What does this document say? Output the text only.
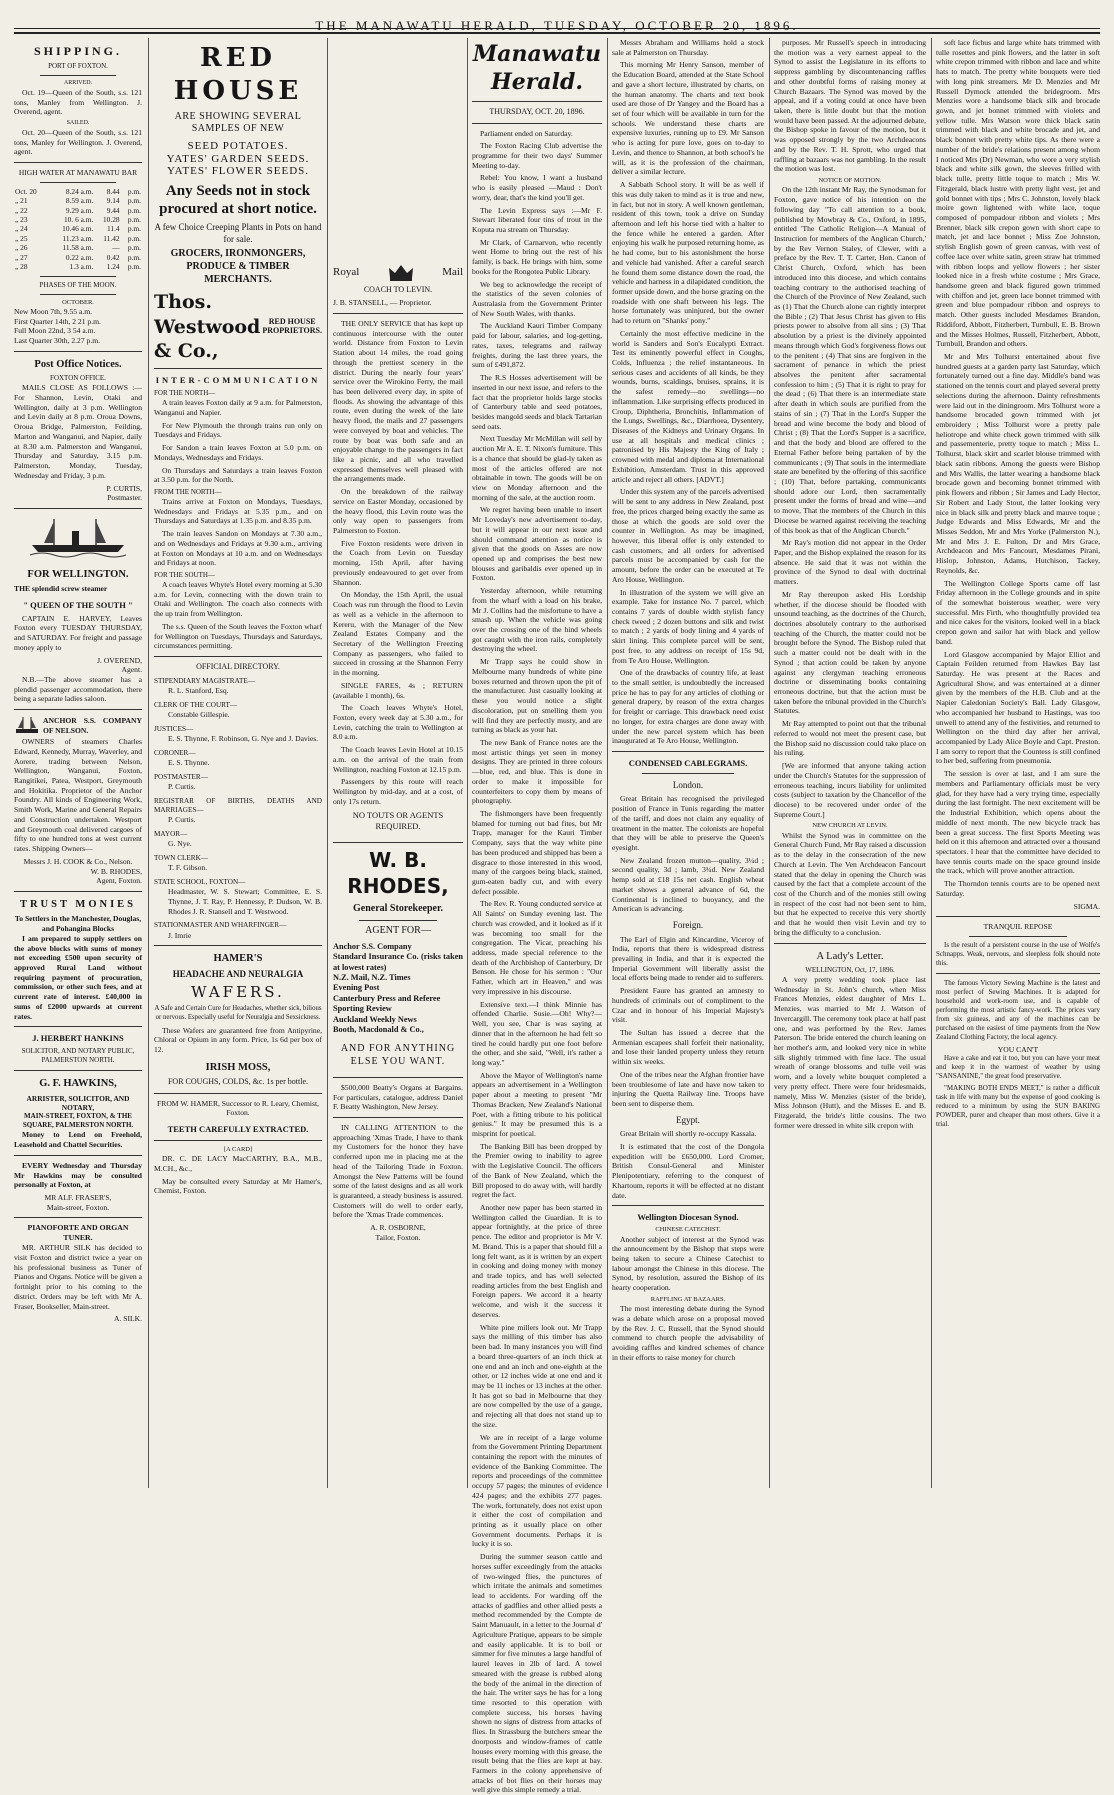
THE MANAWATU HERALD, TUESDAY, OCTOBER 20, 1896.
SHIPPING.
PORT OF FOXTON.
ARRIVED.

Oct. 19—Queen of the South, s.s. 121 tons, Manley from Wellington. J. Overend, agent.

SAILED.

Oct. 20—Queen of the South, s.s. 121 tons, Manley for Wellington. J. Overend, agent.

HIGH WATER AT MANAWATU BAR
Oct. 20	8.24 a.m.	8.44	p.m.
„ 21	8.59 a.m.	9.14	p.m.
„ 22	9.29 a.m.	9.44	p.m.
„ 23	10. 6 a.m.	10.28	p.m.
„ 24	10.46 a.m.	11.4	p.m.
„ 25	11.23 a.m.	11.42	p.m.
„ 26	11.58 a.m.	—	p.m.
„ 27	0.22 a.m.	0.42	p.m.
„ 28	1.3 a.m.	1.24	p.m.
PHASES OF THE MOON.
OCTOBER.
New Moon 7th, 9.55 a.m.
First Quarter 14th, 2 21 p.m.
Full Moon 22nd, 3 54 a.m.
Last Quarter 30th, 2.27 p.m.
Post Office Notices.
FOXTON OFFICE.

MAILS CLOSE AS FOLLOWS :— For Shannon, Levin, Otaki and Wellington, daily at 3 p.m. Wellington and Levin daily at 8 p.m. Oroua Downs, Oroua Bridge, Palmerston, Feilding, Marton and Wanganui, and Napier, daily at 8.30 a.m. Palmerston and Wanganui, Thursday and Saturday, 3.15 p.m. Palmerston, Monday, Tuesday, Wednesday and Friday, 3 p.m.

P. CURTIS,
Postmaster.
FOR WELLINGTON.
THE splendid screw steamer
" QUEEN OF THE SOUTH "

CAPTAIN E. HARVEY, Leaves Foxton every TUESDAY THURSDAY, and SATURDAY. For freight and passage money apply to

J. OVEREND,
Agent.

N.B.—The above steamer has a plendid passenger accommodation, there being a separate ladies saloon.

ANCHOR S.S. COMPANY OF NELSON.

OWNERS of steamers Charles Edward, Kennedy, Murray, Waverley, and Aorere, trading between Nelson, Wellington, Wanganui, Foxton, Rangitikei, Patea, Westport, Greymouth and Hokitika. Proprietor of the Anchor Foundry. All kinds of Engineering Work, Smith Work, Marine and General Repairs and Construction undertaken. Westport and Greymouth coal delivered cargoes of fifty to one hundred tons at west current rates. Shipping Owners—

Messrs J. H. COOK & Co., Nelson.
W. B. RHODES,
Agent, Foxton.
TRUST MONIES
To Settlers in the Manchester, Douglas, and Pohangina Blocks

I am prepared to supply settlers on the above blocks with sums of money not exceeding £500 upon security of approved Rural Land without requiring payment of procuration, commission, or other such fees, and at current rate of interest. £40,000 in sums of £2000 upwards at current rates.

J. HERBERT HANKINS
SOLICITOR, AND NOTARY PUBLIC,
PALMERSTON NORTH.
G. F. HAWKINS,
ARRISTER, SOLICITOR, AND NOTARY,
MAIN-STREET, FOXTON, & THE SQUARE, PALMERSTON NORTH.

Money to Lend on Freehold, Leasehold and Chattel Securities.

EVERY Wednesday and Thursday Mr Hawkins may be consulted personally at Foxton, at

MR ALF. FRASER'S,
Main-street, Foxton.
PIANOFORTE AND ORGAN TUNER.

MR. ARTHUR SILK has decided to visit Foxton and district twice a year on his professional business as Tuner of Pianos and Organs. Notice will be given a fortnight prior to his coming to the district. Orders may be left with Mr A. Fraser, Bookseller, Main-street.

A. SILK.
RED HOUSE
ARE SHOWING SEVERAL SAMPLES OF NEW
SEED POTATOES.
YATES' GARDEN SEEDS.
YATES' FLOWER SEEDS.
Any Seeds not in stock procured at short notice.
A few Choice Creeping Plants in Pots on hand for sale.
GROCERS, IRONMONGERS, PRODUCE & TIMBER MERCHANTS.
Thos. Westwood & Co.,
RED HOUSE
PROPRIETORS.
INTER-COMMUNICATION
FOR THE NORTH—

A train leaves Foxton daily at 9 a.m. for Palmerston, Wanganui and Napier.

For New Plymouth the through trains run only on Tuesdays and Fridays.

For Sandon a train leaves Foxton at 5.0 p.m. on Mondays, Wednesdays and Fridays.

On Thursdays and Saturdays a train leaves Foxton at 3.50 p.m. for the North.

FROM THE NORTH—

Trains arrive at Foxton on Mondays, Tuesdays, Wednesdays and Fridays at 5.35 p.m., and on Thursdays and Saturdays at 1.35 p.m. and 8.35 p.m.

The train leaves Sandon on Mondays at 7.30 a.m., and on Wednesdays and Fridays at 9.30 a.m., arriving at Foxton on Mondays at 10 a.m. and on Wednesdays and Fridays at noon.

FOR THE SOUTH—

A coach leaves Whyte's Hotel every morning at 5.30 a.m. for Levin, connecting with the down train to Otaki and Wellington. The coach also connects with the up train from Wellington.

The s.s. Queen of the South leaves the Foxton wharf for Wellington on Tuesdays, Thursdays and Saturdays, circumstances permitting.

OFFICIAL DIRECTORY.
STIPENDIARY MAGISTRATE—
R. L. Stanford, Esq.
CLERK OF THE COURT—
Constable Gillespie.
JUSTICES—
E. S. Thynne, F. Robinson, G. Nye and J. Davies.
CORONER—
E. S. Thynne.
POSTMASTER—
P. Curtis.
REGISTRAR OF BIRTHS, DEATHS AND MARRIAGES—
P. Curtis.
MAYOR—
G. Nye.
TOWN CLERK—
T. F. Gibson.
STATE SCHOOL, FOXTON—
Headmaster, W. S. Stewart; Committee, E. S. Thynne, J. T. Ray, P. Hennessy, P. Dudson, W. B. Rhodes J. R. Stansell and T. Westwood.
STATIONMASTER AND WHARFINGER—
J. Imrie
HAMER'S
HEADACHE AND NEURALGIA
WAFERS.

A Safe and Certain Cure for Headaches, whether sick, bilious or nervous. Especially useful for Neuralgia and Sexsickness.

These Wafers are guaranteed free from Antipyrine, Chloral or Opium in any form. Price, 1s 6d per box of 12.

IRISH MOSS,
FOR COUGHS, COLDS, &c. 1s per bottle.
FROM W. HAMER, Successor to R. Leary, Chemist, Foxton.
TEETH CAREFULLY EXTRACTED.
[A CARD]

DR. C. DE LACY MacCARTHY, B.A., M.B., M.CH., &c.,

May be consulted every Saturday at Mr Hamer's, Chemist, Foxton.

Royal	Mail
COACH TO LEVIN.
J. B. STANSELL, — Proprietor.

THE ONLY SERVICE that has kept up continuous intercourse with the outer world. Distance from Foxton to Levin Station about 14 miles, the road going through the prettiest scenery in the district. During the nearly four years' service over the Wirokino Ferry, the mail has been delivered every day, in spite of floods. As showing the advantage of this route, even during the week of the late heavy flood, the mails and 27 passengers were conveyed by boat and vehicles. The route by boat was both safe and an enjoyable change to the passengers in fact like a picnic, and all who travelled expressed themselves well pleased with the arrangements made.

On the breakdown of the railway service on Easter Monday, occasioned by the heavy flood, this Levin route was the only way open to passengers from Palmerston to Foxton.

Five Foxton residents were driven in the Coach from Levin on Tuesday morning, 15th April, after having previously endeavoured to get over from Shannon.

On Monday, the 15th April, the usual Coach was run through the flood to Levin as well as a vehicle in the afternoon to Kereru, with the Manager of the New Zealand Estates Company and the Secretary of the Wellington Freezing Company as passengers, who failed to succeed in crossing at the Shannon Ferry in the morning.

SINGLE FARES, 4s ; RETURN (available 1 month), 6s.

The Coach leaves Whyte's Hotel, Foxton, every week day at 5.30 a.m., for Levin, catching the train to Wellington at 8.0 a.m.

The Coach leaves Levin Hotel at 10.15 a.m. on the arrival of the train from Wellington, reaching Foxton at 12.15 p.m.

Passengers by this route will reach Wellington by mid-day, and at a cost, of only 17s return.

NO TOUTS OR AGENTS REQUIRED.
W. B. RHODES,
General Storekeeper.
AGENT FOR—
Anchor S.S. Company
Standard Insurance Co. (risks taken at lowest rates)
N.Z. Mail, N.Z. Times
Evening Post
Canterbury Press and Referee
Sporting Review
Auckland Weekly News
Booth, Macdonald & Co.,
AND FOR ANYTHING ELSE YOU WANT.

$500,000 Beatty's Organs at Bargains. For particulars, catalogue, address Daniel F. Beatty Washington, New Jersey.

IN CALLING ATTENTION to the approaching 'Xmas Trade, I have to thank my Customers for the honor they have conferred upon me in placing me at the head of the Tailoring Trade in Foxton. Amongst the New Patterns will be found some of the latest designs and as all work is guaranteed, a steady business is assured. Customers will do well to order early, before the 'Xmas Trade commences.

A. R. OSBORNE,
Tailor, Foxton.
Manawatu Herald.
THURSDAY, OCT. 20, 1896.

Parliament ended on Saturday.

The Foxton Racing Club advertise the programme for their two days' Summer Meeting to-day.

Rebel: You know, I want a husband who is easily pleased —Maud : Don't worry, dear, that's the kind you'll get.

The Levin Express says :—Mr F. Stewart liberated four tins of trout in the Koputa rua stream on Thursday.

Mr Clark, of Carnarvon, who recently went Home to bring out the rest of his family, is back. He brings with him, some books for the Rongotea Public Library.

We beg to acknowledge the receipt of the statistics of the seven colonies of Australasia from the Government Printer of New South Wales, with thanks.

The Auckland Kauri Timber Company paid for labour, salaries, and log-getting, rates, taxes, telegrams and railway freights, during the last three years, the sum of £491,872.

The R.S Hosses advertisement will be inserted in our next issue, and refers to the fact that the proprietor holds large stocks of Canterbury table and seed potatoes, besides mangold seeds and black Tartarian seed oats.

Next Tuesday Mr McMillan will sell by auction Mr A. E. T. Nixon's furniture. This is a chance that should be glad-ly taken as most of the articles offered are not obtainable in town. The goods will be on view on Monday afternoon and the morning of the sale, at the auction room.

We regret having been unable to insert Mr Loveday's new advertisement to-day, but it will appear in our next issue and should command attention as notice is given that the goods on Asses are now opened up and comprises the best new blouses and garibaldis ever opened up in Foxton.

Yesterday afternoon, while returning from the wharf with a load on his brake, Mr J. Collins had the misfortune to have a smash up. When the vehicle was going over the crossing one of the hind wheels got caught with the iron rails, completely destroying the wheel.

Mr Trapp says he could show in Melbourne many hundreds of white pine boxes returned and thrown upon the pit of the manufacturer. Just casually looking at these you would notice a slight discoloration, put on smelling them you will find they are perfectly musty, and are turning as black as your hat.

The new Bank of France notes are the most artistic things yet seen in money designs. They are printed in three colours —blue, red, and blue. This is done in order to make it impossible for counterfeiters to copy them by means of photography.

The fishmongers have been frequently blamed for turning out bad fites, but Mr Trapp, manager for the Kauri Timber Company, says that the way white pine has been produced and shipped has been a disgrace to those interested in this wood, many of the cargoes being black, stained, gum-eaten badly cut, and with every defect possible.

The Rev. R. Young conducted service at All Saints' on Sunday evening last. The church was crowded, and it looked as if it was becoming too small for the congregation. The Vicar, preaching his address, made special reference to the death of the Archbishop of Canterbury, Dr Benson. He chose for his sermon : "Our Father, which art in Heaven," and was very impressive in his discourse.

Extensive text.—I think Minnie has offended Charlie. Susie.—Oh! Why?—Well, you see, Char is was saying at dinner that in the afternoon he had felt so tired he could hardly put one foot before the other, and she said, "Well, it's rather a long way."

Above the Mayor of Wellington's name appears an advertisement in a Wellington paper about a meeting to present "Mr Thomas Bracken, New Zealand's National Poet, with a fitting tribute to his political genius." It may be presumed this is a misprint for poetical.

The Banking Bill has been dropped by the Premier owing to inability to agree with the Legislative Council. The officers of the Bank of New Zealand, which the Bill proposed to do away with, will hardly regret the fact.

Another new paper has been started in Wellington called the Guardian. It is to appear fortnightly, at the price of three pence. The editor and proprietor is Mr V. M. Brand. This is a paper that should fill a long felt want, as it is written by an expert in cooking and doing money with money and trade topics, and has well selected reading articles from the best English and Foreign papers. We accord it a hearty welcome, and wish it the success it deserves.

White pine millers look out. Mr Trapp says the milling of this timber has also been bad. In many instances you will find a board three-quarters of an inch thick at one end and an inch and one-eighth at the other, or 12 inches wide at one end and it may be 11 inches or 13 inches at the other. It has got so bad in Melbourne that they are now compelled by the use of a gauge, and rejecting all that does not stand up to the size.

We are in receipt of a large volume from the Government Printing Department containing the report with the minutes of evidence of the Banking Committee. The reports and proceedings of the committee occupy 57 pages; the minutes of evidence 424 pages; and the exhibits 277 pages. The work, fortunately, does not exist upon it either the cost of compilation and printing as it usually place on other Government documents. Perhaps it is lucky it is so.

During the summer season cattle and horses suffer exceedingly from the attacks of two-winged flies, the punctures of which irritate the animals and sometimes lead to accidents. For warding off the attacks of gadflies and other allied pests a method recommended by the Compte de Saint Manuault, in a letter to the Journal d' Agriculture Pratique, appears to be simple and easily applicable. It is to boil or simmer for five minutes a large handful of laurel leaves in 2lb of lard. A towel smeared with the grease is rubbed along the body of the animal in the direction of the hair. The writer says he has for a long time resorted to this operation with complete success, his horses having shown no signs of distress from attacks of flies. In Strassburg the butchers smear the doorposts and window-frames of cattle houses every morning with this grease, the result being that the flies are kept at bay. Farmers in the colony apprehensive of attacks of bot flies on their horses may well give this simple remedy a trial.

Messrs Abraham and Williams hold a stock sale at Palmerston on Thursday.

This morning Mr Henry Sanson, member of the Education Board, attended at the State School and gave a short lecture, illustrated by charts, on the human anatomy. The charts and text book used are those of Dr Yangey and the Board has a set of four which will be available in turn for the schools. We understand these charts are expensive luxuries, running up to £9. Mr Sanson who is acting for pure love, goes on to-day to Levin, and thence to Shannon, at both school's he will, as it is the profession of the chairman, deliver a similar lecture.

A Sabbath School story. It will be as well if this was duly taken to mind as it is true and new, in fact, but not in story. A well known gentleman, resident of this town, took a drive on Sunday afternoon and left his horse tied with a halter to the fence while he entered a garden. After enjoying his walk he purposed returning home, as he had come, but to his astonishment the horse and vehicle had vanished. After a careful search he found them some distance down the road, the vehicle and harness in a dilapidated condition, the former upside down, and the horse grazing on the roadside with one shaft between his legs. The horse fortunately was uninjured, but the owner had to return on "Shanks' pony."

Certainly the most effective medicine in the world is Sanders and Son's Eucalypti Extract. Test its eminently powerful effect in Coughs, Colds, Influenza ; the relief instantaneous. In serious cases and accidents of all kinds, be they wounds, burns, scaldings, bruises, sprains, it is the safest remedy—no swellings—no inflammation. Like surprising effects produced in Croup, Diphtheria, Bronchitis, Inflammation of the Lungs, Swellings, &c., Diarrhoea, Dysentery, Diseases of the Kidneys and Urinary Organs. In use at all hospitals and medical clinics ; patronised by His Majesty the King of Italy ; crowned with medal and diploma at International Exhibition, Amsterdam. Trust in this approved article and reject all others. [ADVT.]

Under this system any of the parcels advertised will be sent to any address in New Zealand, post free, the prices charged being exactly the same as those at which the goods are sold over the counter in Wellington. As may be imagined, however, this liberal offer is only extended to cash customers, and all orders for advertised parcels must be accompanied by cash for the amount, before the order can be executed at Te Aro House, Wellington.

In illustration of the system we will give an example. Take for instance No. 7 parcel, which contains 7 yards of double width stylish fancy check tweed ; 2 dozen buttons and silk and twist to match ; 2 yards of body lining and 4 yards of skirt lining. This complete parcel will be sent, post free, to any address on receipt of 15s 9d, from Te Aro House, Wellington.

One of the drawbacks of country life, at least to the small settler, is undoubtedly the increased price he has to pay for any articles of clothing or general drapery, by reason of the extra charges for freight or carriage. This drawback need exist no longer, for extra charges are done away with under the new parcel system which has been inaugurated at Te Aro House, Wellington.

CONDENSED CABLEGRAMS.
London.

Great Britain has recognised the privileged position of France in Tunis regarding the matter of the tariff, and does not claim any equality of treatment in the matter. The colonists are hopeful that they will be able to preserve the Queen's eyesight.

New Zealand frozen mutton—quality, 3¼d ; second quality, 3d ; lamb, 3¾d. New Zealand hemp sold at £18 15s net cash. English wheat market shows a general advance of 6d, the Continental is inclined to buoyancy, and the American is advancing.

Foreign.

The Earl of Elgin and Kincardine, Viceroy of India, reports that there is widespread distress prevailing in India, and that it is expected the Imperial Government will liberally assist the local efforts being made to render aid to sufferers.

President Faure has granted an amnesty to hundreds of criminals out of compliment to the Czar and in honour of his Imperial Majesty's visit.

The Sultan has issued a decree that the Armenian escapees shall forfeit their nationality, and lose their landed property unless they return within six weeks.

One of the tribes near the Afghan frontier have been troublesome of late and have now taken to injuring the Quetta Railway line. Troops have been sent to disperse them.

Egypt.

Great Britain will shortly re-occupy Kassala.

It is estimated that the cost of the Dongola expedition will be £650,000. Lord Cromer, British Consul-General and Minister Plenipotentiary, referring to the conquest of Khartoum, reports it will be effected at no distant date.

Wellington Diocesan Synod.
CHINESE CATECHIST.

Another subject of interest at the Synod was the announcement by the Bishop that steps were being taken to secure a Chinese Catechist to labour amongst the Chinese in this diocese. The Synod, by resolution, assured the Bishop of its hearty cooperation.

RAFFLING AT BAZAARS.

The most interesting debate during the Synod was a debate which arose on a proposal moved by the Rev. J. C. Russell, that the Synod should commend to church people the advisability of avoiding raffles and kindred schemes of chance in their efforts to raise money for church

purposes. Mr Russell's speech in introducing the motion was a very earnest appeal to the Synod to assist the Legislature in its efforts to suppress gambling by discountenancing raffles and other doubtful forms of raising money at Church Bazaars. The Synod was moved by the appeal, and if a voting could at once have been taken, there is little doubt but that the motion would have been passed. At the adjourned debate, the Bishop spoke in favour of the motion, but it was opposed strongly by the two Archdeacons and by the Rev. T. H. Sprott, who urged that raffling at bazaars was not gambling. In the result the motion was lost.

NOTICE OF MOTION.

On the 12th instant Mr Ray, the Synodsman for Foxton, gave notice of his intention on the following day "To call attention to a book, published by Mowbray & Co., Oxford, in 1895, entitled 'The Catholic Religion—A Manual of Instruction for members of the Anglican Church,' by the Rev Vernon Staley, of Clewer, with a preface by the Rev. T. T. Carter, Hon. Canon of Christ Church, Oxford, which has been introduced into this diocese, and which contains teaching contrary to the authorised teaching of the Church of the Province of New Zealand, such as (1) That the Church alone can rightly interpret the Bible ; (2) That Jesus Christ has given to His priests power to absolve from all sins ; (3) That absolution by a priest is the divinely appointed means through which God's forgiveness flows out to the penitent ; (4) That sins are forgiven in the sacrament of penance in which the priest absolves the penitent after sacramental confession to him ; (5) That it is right to pray for the dead ; (6) That there is an intermediate state after death in which souls are purified from the stains of sin ; (7) That in the Lord's Supper the bread and wine become the body and blood of Christ ; (8) That the Lord's Supper is a sacrifice, and that the body and blood are offered to the Eternal Father before being partaken of by the communicants ; (9) That souls in the intermediate state are benefited by the offering of this sacrifice ; (10) That, before partaking, communicants should adore our Lord, then sacramentally present under the forms of bread and wine—and to move, That the members of the Church in this Diocese be warned against receiving the teaching of this book as that of the Anglican Church."

Mr Ray's motion did not appear in the Order Paper, and the Bishop explained the reason for its absence. He said that it was not within the province of the Synod to deal with doctrinal matters.

Mr Ray thereupon asked His Lordship whether, if the diocese should be flooded with unsound teaching, as the doctrines of the Church, doctrines absolutely contrary to the authorised teaching of the Church, the matter could not be brought before the Synod. The Bishop ruled that such a matter could not be dealt with in the Synod ; that action could be taken by anyone against any clergyman teaching erroneous doctrine or disseminating books containing erroneous doctrine, but that the action must be taken before the tribunal provided in the Church's Statutes.

Mr Ray attempted to point out that the tribunal referred to would not meet the present case, but the Bishop said no discussion could take place on his ruling.

[We are informed that anyone taking action under the Church's Statutes for the suppression of erroneous teaching, incurs liability for unlimited costs (subject to taxation by the Chancellor of the diocese) to be recovered under order of the Supreme Court.]

NEW CHURCH AT LEVIN.

Whilst the Synod was in committee on the General Church Fund, Mr Ray raised a discussion as to the delay in the consecration of the new Church at Levin. The Ven Archdeacon Fancourt stated that the delay in opening the Church was caused by the fact that a complete account of the cost of the Church and of the monies still owing in respect of the cost had not been sent to him, but that he expected to receive this very shortly and that he would then visit Levin and try to bring the difficulty to a conclusion.

A Lady's Letter.
WELLINGTON, Oct, 17, 1896.

A very pretty wedding took place last Wednesday in St. John's church, when Miss Frances Menzies, eldest daughter of Mrs L. Menzies, was married to Mr J. Watson of Invercargill. The ceremony took place at half past one, and was performed by the Rev. James Paterson. The bride entered the church leaning on her mother's arm, and looked very nice in white silk slightly trimmed with fine lace. The usual wreath of orange blossoms and tulle veil was worn, and a lovely white bouquet completed a very pretty effect. There were four bridesmaids, namely, Miss W. Menzies (sister of the bride), Miss Johnson (Hutt), and the Misses E. and B. Fitzgerald, the bride's little cousins. The two former were dressed in white silk crepon with

soft lace fichus and large white hats trimmed with tulle rosettes and pink flowers, and the latter in soft white crepon trimmed with ribbon and lace and white hats to match. The pretty white bouquets were tied with long pink streamers. Mr D. Menzies and Mr Russell Dymock attended the bridegroom. Mrs Menzies wore a handsome black silk and brocade gown, and jet bonnet trimmed with violets and yellow tulle. Mrs Watson wore thick black satin trimmed with black and white brocade and jet, and black bonnet with pretty white tips. As there were a number of the bride's relations present among whom I noticed Mrs (Dr) Newman, who wore a very stylish black and white silk gown, the sleeves frilled with black tulle, pretty little toque to match ; Mrs W. Fitzgerald, black lustre with pretty light vest, jet and gold bonnet with tips ; Mrs C. Johnston, lovely black moire gown lightened with white lace, toque composed of pompadour ribbon and violets ; Mrs Brenner, black silk crepon gown with short cape to match, jet and lace bonnet ; Miss Zoe Johnston, stylish English gown of green canvas, with vest of coffee lace over white satin, green straw hat trimmed with ribbon loops and yellow flowers ; her sister looked nice in a fresh white costume ; Mrs Grace, handsome green and black figured gown trimmed with chiffon and jet, green lace bonnet trimmed with green and blue pompadour ribbon and ospreys to match. Other guests included Mesdames Brandon, Riddiford, Abbott, Fitzherbert, Turnbull, E. B. Brown and the Misses Holmes, Russell, Fitzherbert, Abbott, Turnbull, Brandon and others.

Mr and Mrs Tolhurst entertained about five hundred guests at a garden party last Saturday, which fortunately turned out a fine day. Middle's band was stationed on the tennis court and played several pretty selections during the afternoon. Dainty refreshments were laid out in the diningroom. Mrs Tolhurst wore a handsome brocaded gown trimmed with jet embroidery ; Miss Tolhurst wore a pretty pale heliotrope and white check gown trimmed with silk and passementerie, pretty toque to match ; Miss L. Tolhurst, black skirt and scarlet blouse trimmed with black satin ribbons. Among the guests were Bishop and Mrs Wallis, the latter wearing a handsome black brocade gown and becoming bonnet trimmed with pink flowers and ribbon ; Sir James and Lady Hector, Sir Robert and Lady Stout, the latter looking very nice in black silk and pretty black and mauve toque ; Judge Edwards and Miss Edwards, Mr and the Misses Seddon, Mr and Mrs Yorke (Palmerston N.), Mr and Mrs J. E. Fulton, Dr and Mrs Grace, Archdeacon and Mrs Fancourt, Mesdames Pirani, Hislop, Johnston, Adams, Hutchison, Tackey, Reynolds, &c.

The Wellington College Sports came off last Friday afternoon in the College grounds and in spite of the somewhat boisterous weather, were very successful. Mrs Firth, who thoughtfully provided tea and nice cakes for the visitors, looked well in a black crepon gown and sailor hat with black and yellow band.

Lord Glasgow accompanied by Major Elliot and Captain Feilden returned from Hawkes Bay last Saturday. He was present at the Races and Agricultural Show, and was entertained at a dinner given by the members of the H.B. Club and at the Napier Caledonian Society's Ball. Lady Glasgow, who accompanied her husband to Hastings, was too unwell to attend any of the festivities, and returned to Wellington on the third day after her arrival, accompanied by Lady Alice Boyle and Capt. Preston. I am sorry to report that the Countess is still confined to her bed, suffering from pneumonia.

The session is over at last, and I am sure the members and Parliamentary officials must be very glad, for they have had a very trying time, especially during the last fortnight. The next excitement will be the Industrial Exhibition, which opens about the middle of next month. The new bicycle track has been a great success. The first Sports Meeting was held on it this afternoon and attracted over a thousand spectators. I hear that the committee have decided to have tennis courts made on the space ground inside the track, which will prove another attraction.

The Thorndon tennis courts are to be opened next Saturday.

SIGMA.
TRANQUIL REPOSE

Is the result of a persistent course in the use of Wolfe's Schnapps. Weak, nervous, and sleepless folk should note this.

The famous Victory Sewing Machine is the latest and most perfect of Sewing Machines. It is adapted for household and work-room use, and is capable of performing the most artistic fancy-work. The prices vary from six guineas, and any of the machines can be purchased on the easiest of time payments from the New Zealand Clothing Factory, the local agency.

YOU CAN'T

Have a cake and eat it too, but you can have your meat and keep it in the warmest of weather by using "SANSANINE," the great food preservative.

"MAKING BOTH ENDS MEET," is rather a difficult task in life with many but the expense of good cooking is reduced to a minimum by using the SUN BAKING POWDER, purer and cheaper than most others. Give it a trial.
